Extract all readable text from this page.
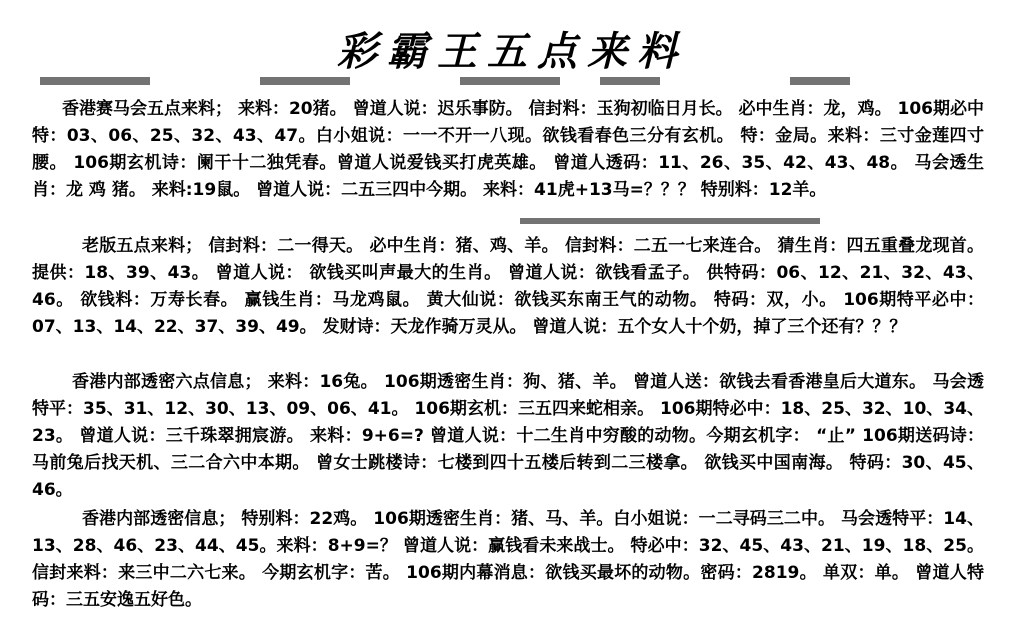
彩霸王五点来料

香港赛马会五点来料； 来料：20猪。 曾道人说：迟乐事防。 信封料：玉狗初临日月长。 必中生肖：龙，鸡。 106期必中特：03、06、25、32、43、47。白小姐说：一一不开一八现。欲钱看春色三分有玄机。 特：金局。来料：三寸金莲四寸腰。 106期玄机诗：阑干十二独凭春。曾道人说爱钱买打虎英雄。 曾道人透码：11、26、35、42、43、48。 马会透生肖：龙 鸡 猪。 来料:19鼠。 曾道人说：二五三四中今期。 来料：41虎+13马=？？？ 特别料：12羊。

老版五点来料； 信封料：二一得天。 必中生肖：猪、鸡、羊。 信封料：二五一七来连合。 猜生肖：四五重叠龙现首。 提供：18、39、43。 曾道人说： 欲钱买叫声最大的生肖。 曾道人说：欲钱看孟子。 供特码：06、12、21、32、43、46。 欲钱料：万寿长春。 赢钱生肖：马龙鸡鼠。 黄大仙说：欲钱买东南王气的动物。 特码：双，小。 106期特平必中：07、13、14、22、37、39、49。 发财诗：天龙作骑万灵从。 曾道人说：五个女人十个奶，掉了三个还有？？？

香港内部透密六点信息； 来料：16兔。 106期透密生肖：狗、猪、羊。 曾道人送：欲钱去看香港皇后大道东。 马会透特平：35、31、12、30、13、09、06、41。 106期玄机：三五四来蛇相亲。 106期特必中：18、25、32、10、34、23。 曾道人说：三千珠翠拥宸游。 来料：9+6=? 曾道人说：十二生肖中穷酸的动物。今期玄机字： “止” 106期送码诗：马前兔后找天机、三二合六中本期。 曾女士跳楼诗：七楼到四十五楼后转到二三楼拿。 欲钱买中国南海。 特码：30、45、46。

香港内部透密信息； 特别料：22鸡。 106期透密生肖：猪、马、羊。白小姐说：一二寻码三二中。 马会透特平：14、13、28、46、23、44、45。来料：8+9=？ 曾道人说：赢钱看未来战士。 特必中：32、45、43、21、19、18、25。信封来料：来三中二六七来。 今期玄机字：苦。 106期内幕消息：欲钱买最坏的动物。密码：2819。 单双：单。 曾道人特码：三五安逸五好色。
